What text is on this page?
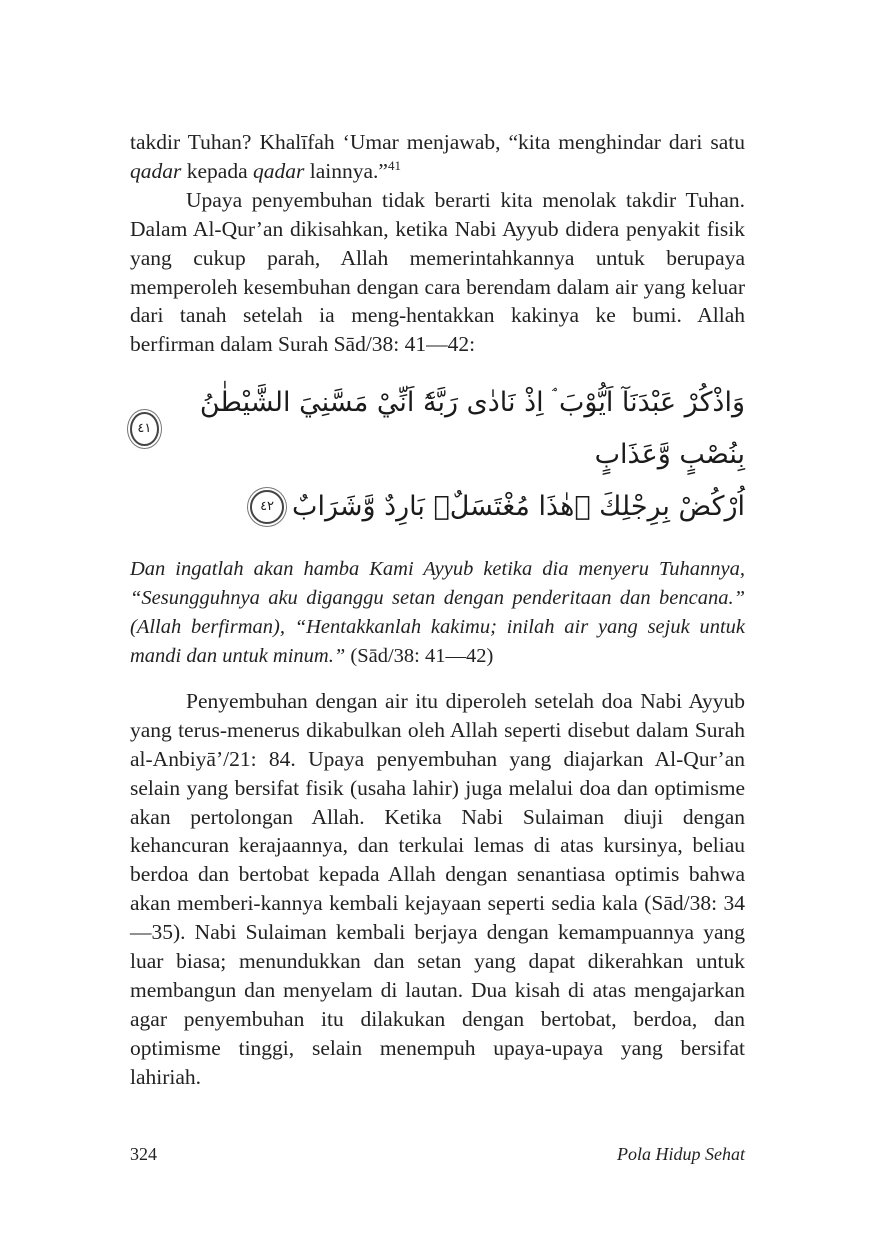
takdir Tuhan? Khalīfah ‘Umar menjawab, “kita menghindar dari satu qadar kepada qadar lainnya.”$^{41}$

Upaya penyembuhan tidak berarti kita menolak takdir Tuhan. Dalam Al-Qur’an dikisahkan, ketika Nabi Ayyub didera penyakit fisik yang cukup parah, Allah memerintahkannya untuk berupaya memperoleh kesembuhan dengan cara berendam dalam air yang keluar dari tanah setelah ia meng-hentakkan kakinya ke bumi. Allah berfirman dalam Surah Sād/38: 41—42:

وَاذْكُرْ عَبْدَنَآ اَيُّوْبَ ۘ اِذْ نَادٰى رَبَّهٗٓ اَنِّيْ مَسَّنِيَ الشَّيْطٰنُ بِنُصْبٍ وَّعَذَابٍ
٤١
اُرْكُضْ بِرِجْلِكَ ۚهٰذَا مُغْتَسَلٌۢ بَارِدٌ وَّشَرَابٌ
٤٢

Dan ingatlah akan hamba Kami Ayyub ketika dia menyeru Tuhannya, “Sesungguhnya aku diganggu setan dengan penderitaan dan bencana.” (Allah berfirman), “Hentakkanlah kakimu; inilah air yang sejuk untuk mandi dan untuk minum.” (Sād/38: 41—42)

Penyembuhan dengan air itu diperoleh setelah doa Nabi Ayyub yang terus-menerus dikabulkan oleh Allah seperti disebut dalam Surah al-Anbiyā’/21: 84. Upaya penyembuhan yang diajarkan Al-Qur’an selain yang bersifat fisik (usaha lahir) juga melalui doa dan optimisme akan pertolongan Allah. Ketika Nabi Sulaiman diuji dengan kehancuran kerajaannya, dan terkulai lemas di atas kursinya, beliau berdoa dan bertobat kepada Allah dengan senantiasa optimis bahwa akan memberi-kannya kembali kejayaan seperti sedia kala (Sād/38: 34—35). Nabi Sulaiman kembali berjaya dengan kemampuannya yang luar biasa; menundukkan dan setan yang dapat dikerahkan untuk membangun dan menyelam di lautan. Dua kisah di atas mengajarkan agar penyembuhan itu dilakukan dengan bertobat, berdoa, dan optimisme tinggi, selain menempuh upaya-upaya yang bersifat lahiriah.

324	Pola Hidup Sehat
